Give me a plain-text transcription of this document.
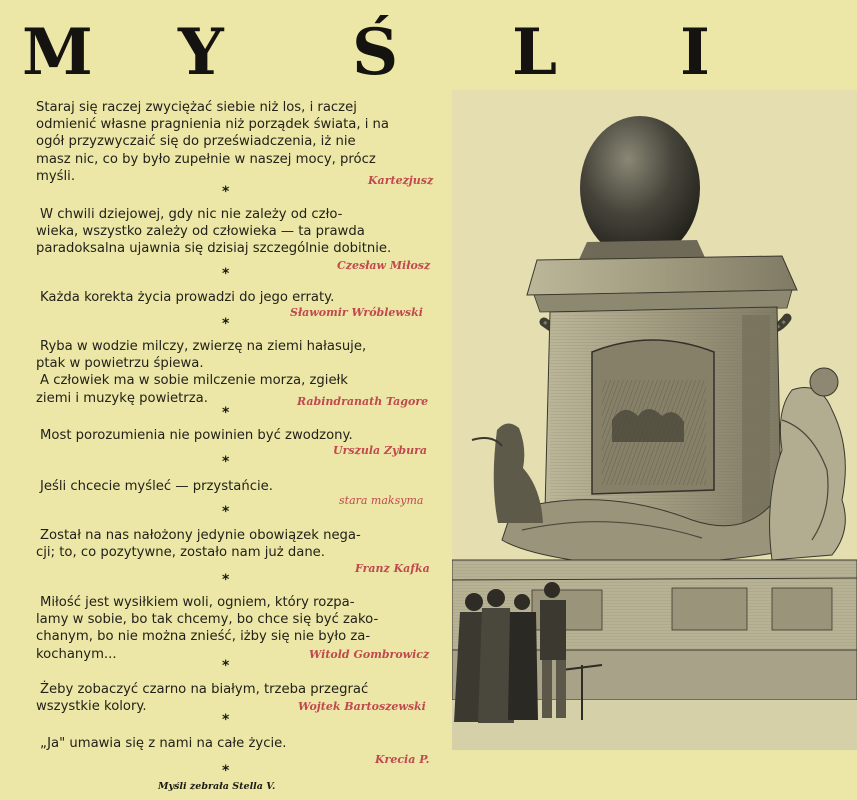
M Y Ś L I

Staraj się raczej zwyciężać siebie niż los, i raczej

odmienić własne pragnienia niż porządek świata, i na

ogół przyzwyczaić się do przeświadczenia, iż nie

masz nic, co by było zupełnie w naszej mocy, prócz

myśli.	Kartezjusz
*

W chwili dziejowej, gdy nic nie zależy od czło-

wieka, wszystko zależy od człowieka — ta prawda

paradoksalna ujawnia się dzisiaj szczególnie dobitnie.

Czesław Miłosz
*

Każda korekta życia prowadzi do jego erraty.

Sławomir Wróblewski
*

Ryba w wodzie milczy, zwierzę na ziemi hałasuje,

ptak w powietrzu śpiewa.

A człowiek ma w sobie milczenie morza, zgiełk

ziemi i muzykę powietrza.	Rabindranath Tagore
*

Most porozumienia nie powinien być zwodzony.

Urszula Zybura
*

Jeśli chcecie myśleć — przystańcie.

stara maksyma
*

Został na nas nałożony jedynie obowiązek nega-

cji; to, co pozytywne, zostało nam już dane.

Franz Kafka
*

Miłość jest wysiłkiem woli, ogniem, który rozpa-

lamy w sobie, bo tak chcemy, bo chce się być zako-

chanym, bo nie można znieść, iżby się nie było za-

kochanym...	Witold Gombrowicz
*

Żeby zobaczyć czarno na białym, trzeba przegrać

wszystkie kolory.	Wojtek Bartoszewski
*

„Ja" umawia się z nami na całe życie.

Krecia P.
*
Myśli zebrała Stella V.
